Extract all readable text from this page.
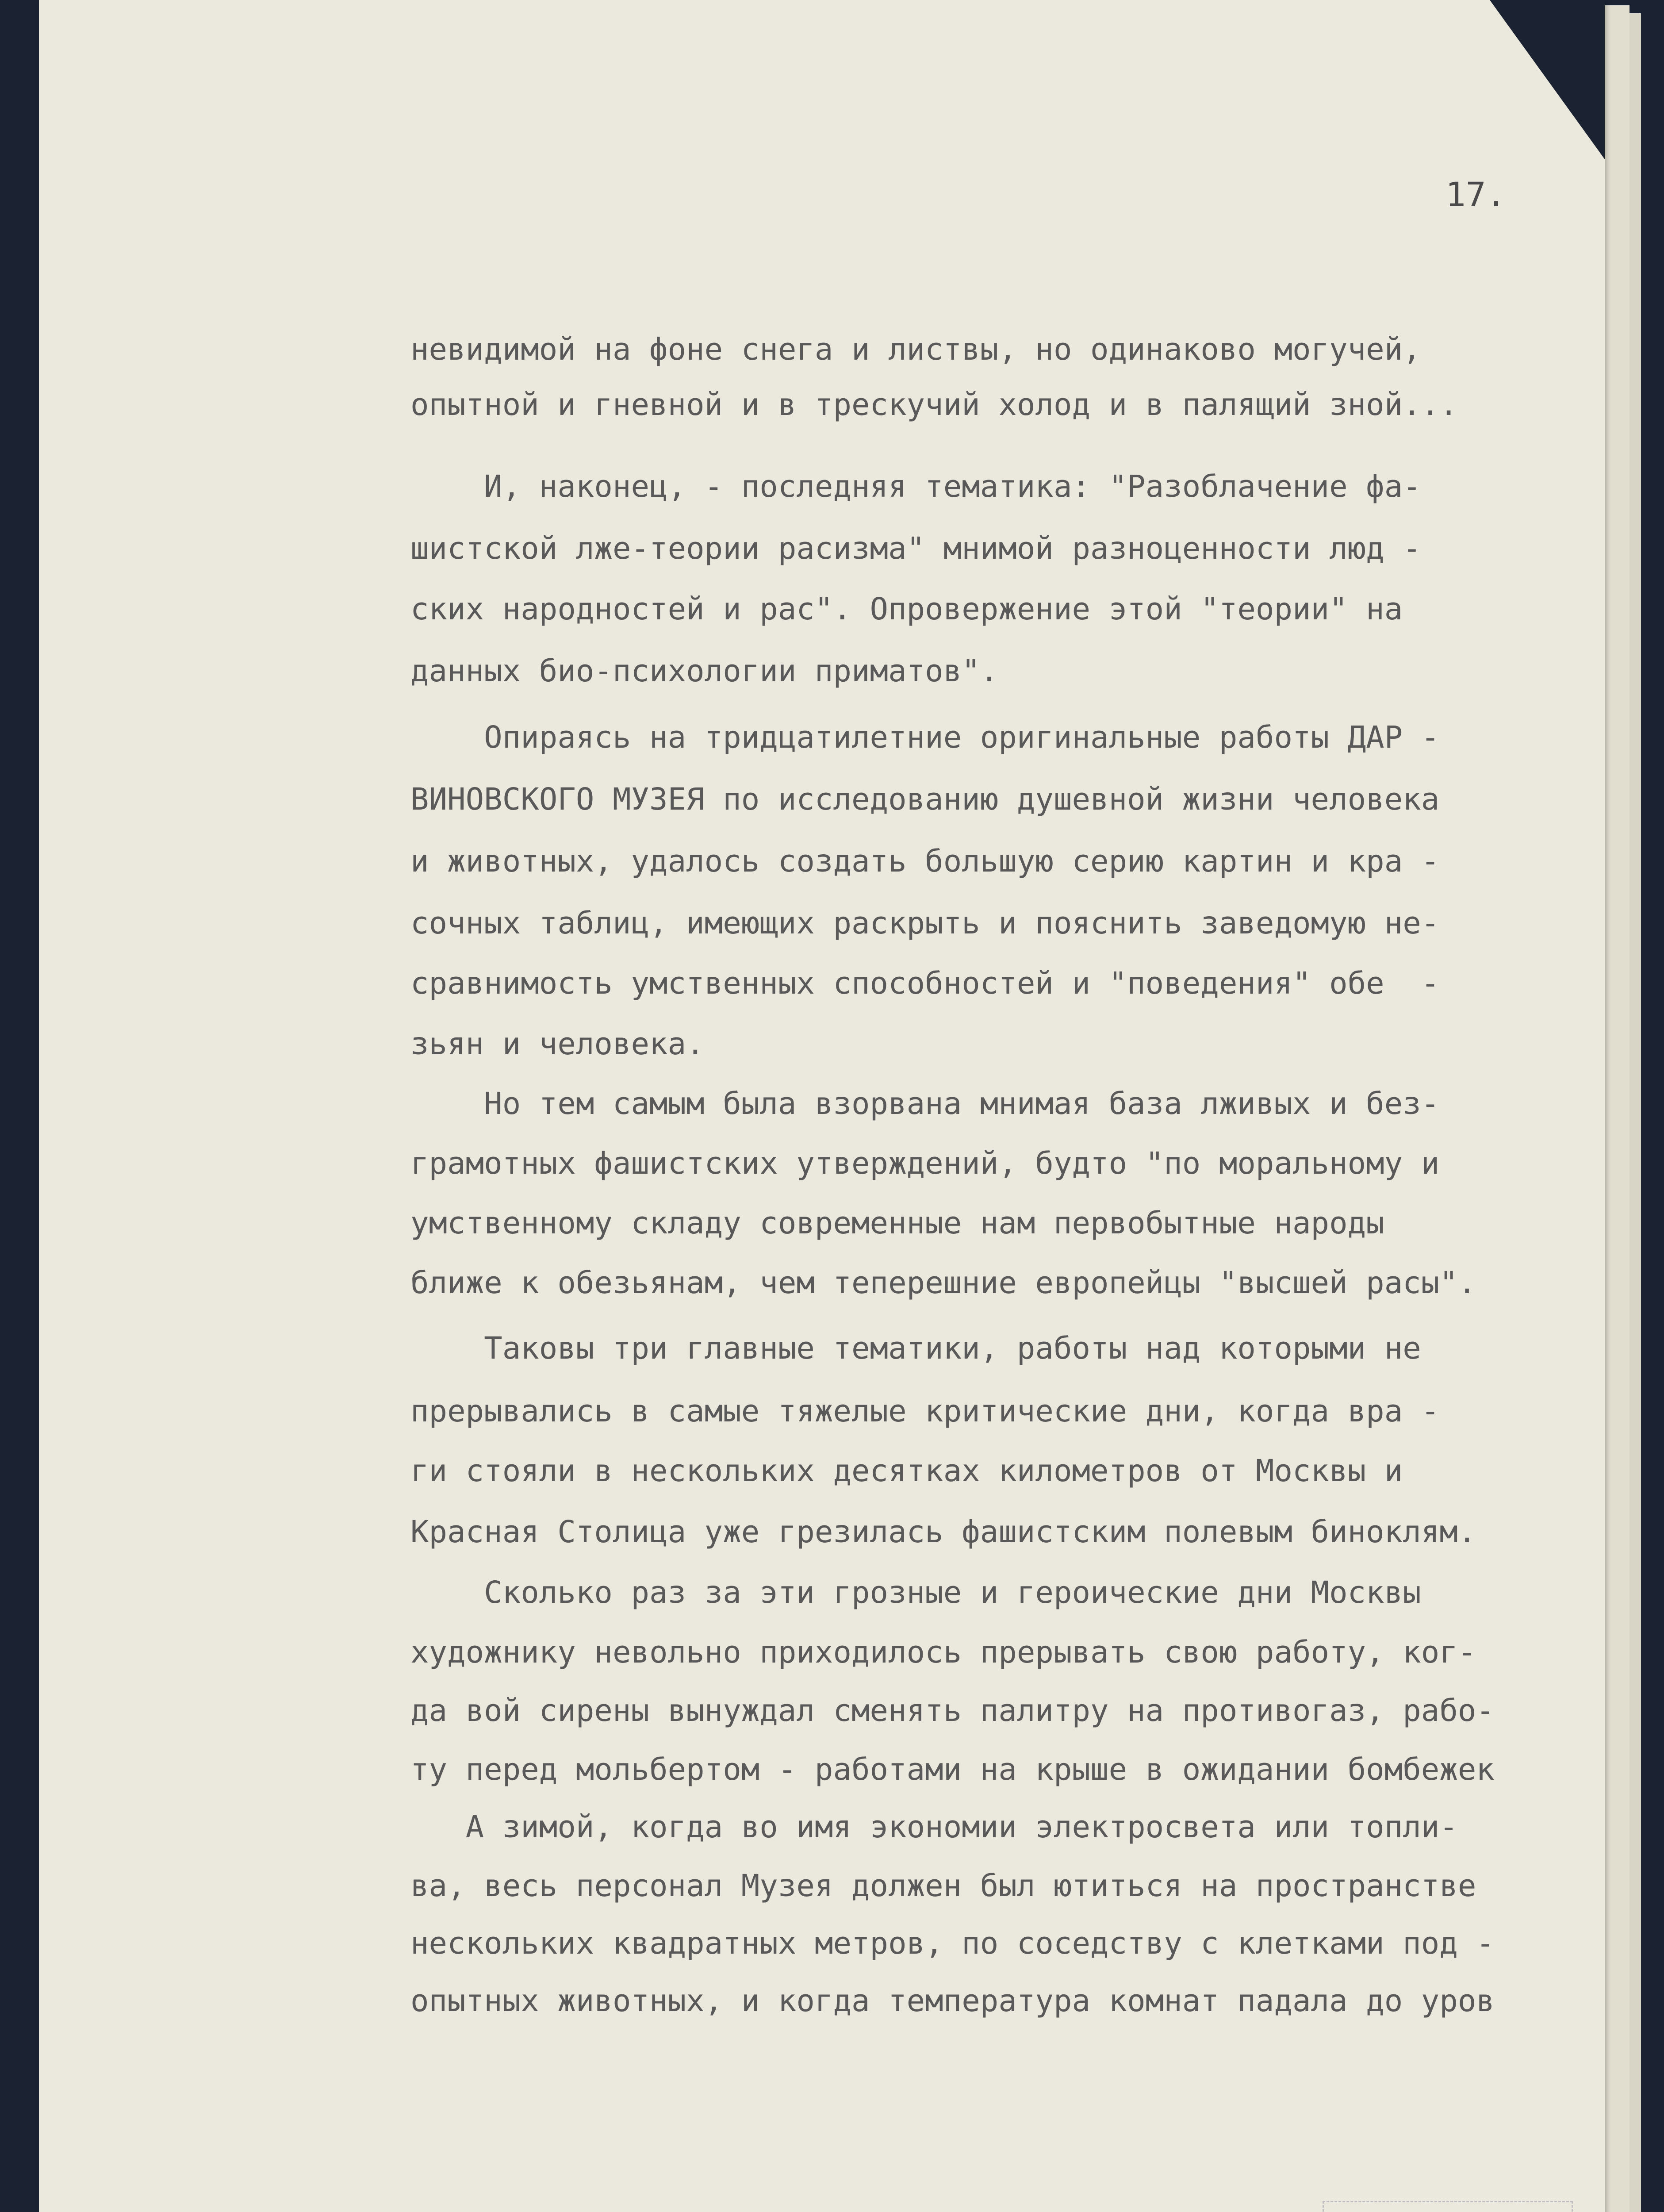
17.
невидимой на фоне снега и листвы, но одинаково могучей,
опытной и гневной и в трескучий холод и в палящий зной...
И, наконец, - последняя тематика: "Разоблачение фа-
шистской лже-теории расизма" мнимой разноценности люд -
ских народностей и рас". Опровержение этой "теории" на
данных био-психологии приматов".
Опираясь на тридцатилетние оригинальные работы ДАР -
ВИНОВСКОГО МУЗЕЯ по исследованию душевной жизни человека
и животных, удалось создать большую серию картин и кра -
сочных таблиц, имеющих раскрыть и пояснить заведомую не-
сравнимость умственных способностей и "поведения" обе  -
зьян и человека.
Но тем самым была взорвана мнимая база лживых и без-
грамотных фашистских утверждений, будто "по моральному и
умственному складу современные нам первобытные народы
ближе к обезьянам, чем теперешние европейцы "высшей расы".
Таковы три главные тематики, работы над которыми не
прерывались в самые тяжелые критические дни, когда вра -
ги стояли в нескольких десятках километров от Москвы и
Красная Столица уже грезилась фашистским полевым биноклям.
Сколько раз за эти грозные и героические дни Москвы
художнику невольно приходилось прерывать свою работу, ког-
да вой сирены вынуждал сменять палитру на противогаз, рабо-
ту перед мольбертом - работами на крыше в ожидании бомбежек
А зимой, когда во имя экономии электросвета или топли-
ва, весь персонал Музея должен был ютиться на пространстве
нескольких квадратных метров, по соседству с клетками под -
опытных животных, и когда температура комнат падала до уров
